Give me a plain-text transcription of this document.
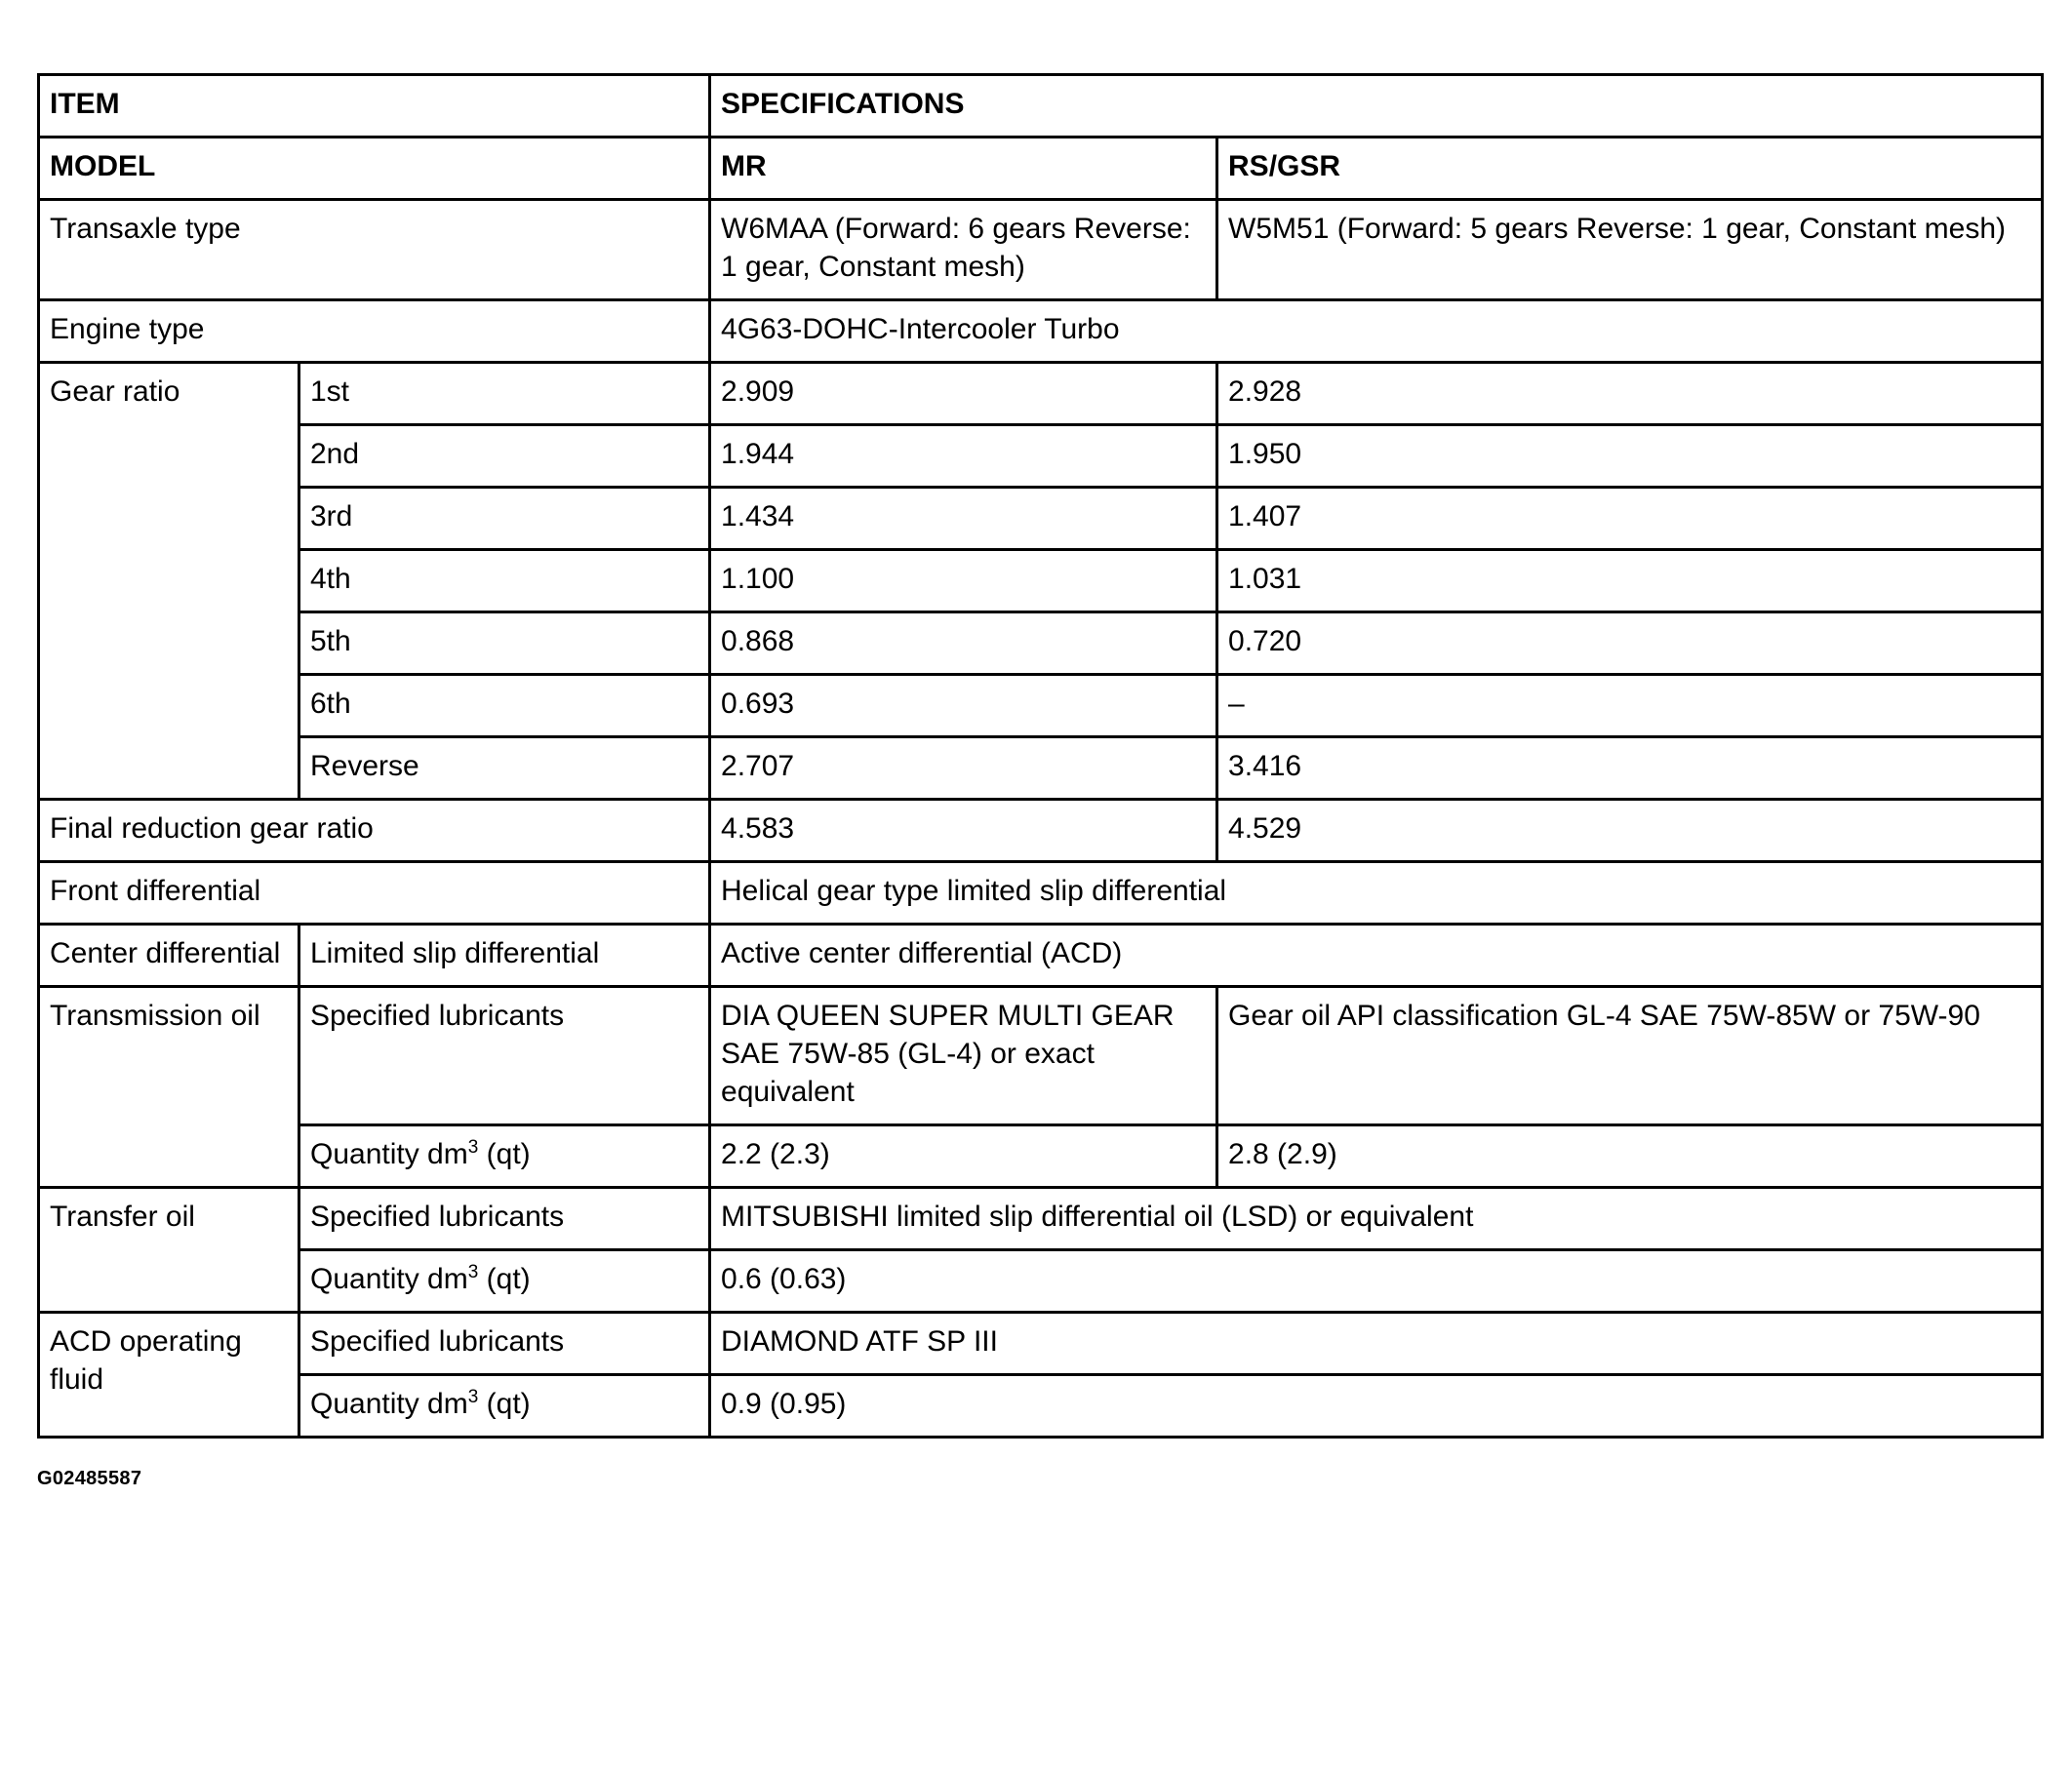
ITEM		SPECIFICATIONS	
MODEL		MR	RS/GSR
Transaxle type		W6MAA (Forward: 6 gears Reverse: 1 gear, Constant mesh)	W5M51 (Forward: 5 gears Reverse: 1 gear, Constant mesh)
Engine type		4G63-DOHC-Intercooler Turbo	
Gear ratio	1st	2.909	2.928
	2nd	1.944	1.950
	3rd	1.434	1.407
	4th	1.100	1.031
	5th	0.868	0.720
	6th	0.693	–
	Reverse	2.707	3.416
Final reduction gear ratio		4.583	4.529
Front differential		Helical gear type limited slip differential	
Center differential	Limited slip differential	Active center differential (ACD)	
Transmission oil	Specified lubricants	DIA QUEEN SUPER MULTI GEAR SAE 75W-85 (GL-4) or exact equivalent	Gear oil API classification GL-4 SAE 75W-85W or 75W-90
	Quantity $dm^3$ (qt)	2.2 (2.3)	2.8 (2.9)
Transfer oil	Specified lubricants	MITSUBISHI limited slip differential oil (LSD) or equivalent	
	Quantity $dm^3$ (qt)	0.6 (0.63)	
ACD operating fluid	Specified lubricants	DIAMOND ATF SP III	
	Quantity $dm^3$ (qt)	0.9 (0.95)	
G02485587
